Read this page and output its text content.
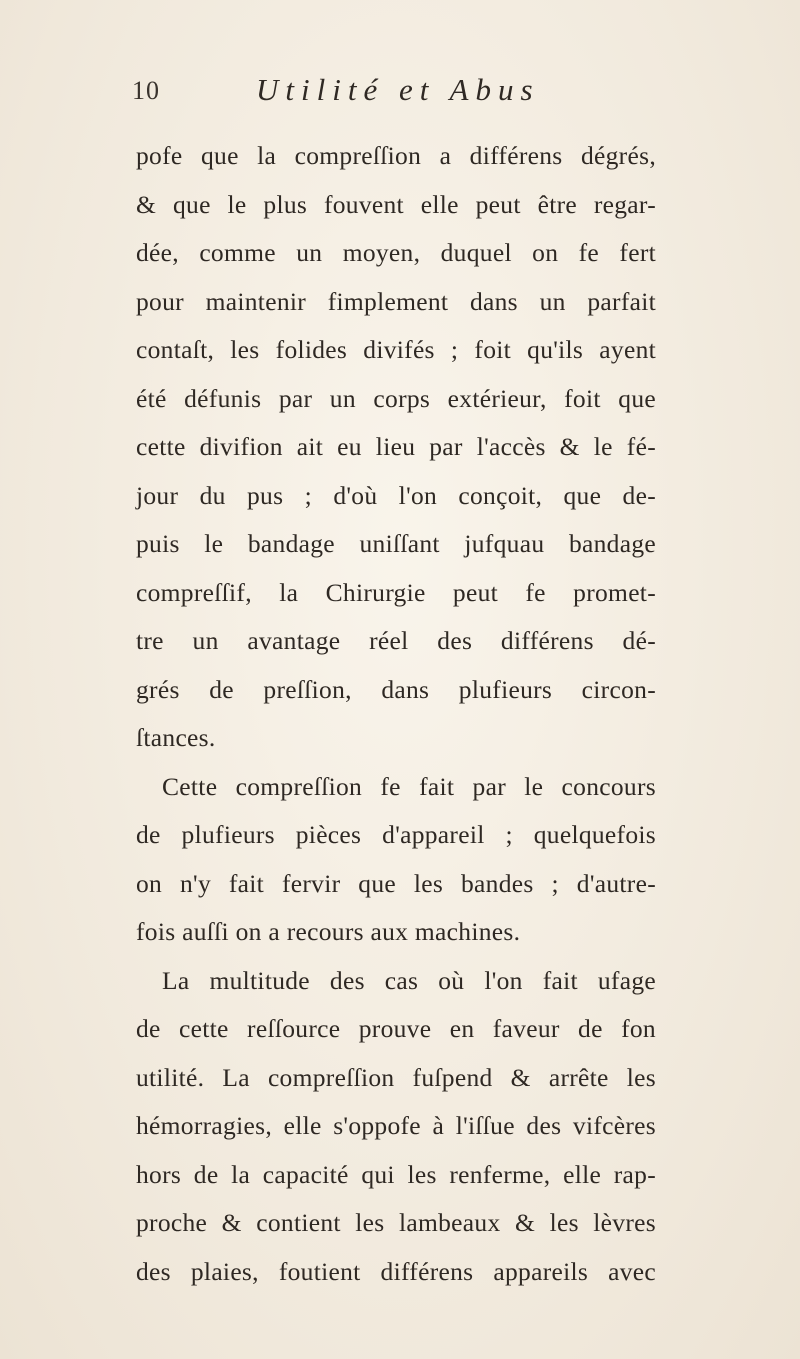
10	Utilité et Abus
pofe que la compreſſion a différens dégrés,
& que le plus fouvent elle peut être regar-
dée, comme un moyen, duquel on fe fert
pour maintenir fimplement dans un parfait
contaſt, les folides divifés ; foit qu'ils ayent
été défunis par un corps extérieur, foit que
cette divifion ait eu lieu par l'accès & le fé-
jour du pus ; d'où l'on conçoit, que de-
puis le bandage uniſſant jufquau bandage
compreſſif, la Chirurgie peut fe promet-
tre un avantage réel des différens dé-
grés de preſſion, dans plufieurs circon-
ſtances.
Cette compreſſion fe fait par le concours
de plufieurs pièces d'appareil ; quelquefois
on n'y fait fervir que les bandes ; d'autre-
fois auſſi on a recours aux machines.
La multitude des cas où l'on fait ufage
de cette reſſource prouve en faveur de fon
utilité. La compreſſion fuſpend & arrête les
hémorragies, elle s'oppofe à l'iſſue des vifcères
hors de la capacité qui les renferme, elle rap-
proche & contient les lambeaux & les lèvres
des plaies, foutient différens appareils avec
